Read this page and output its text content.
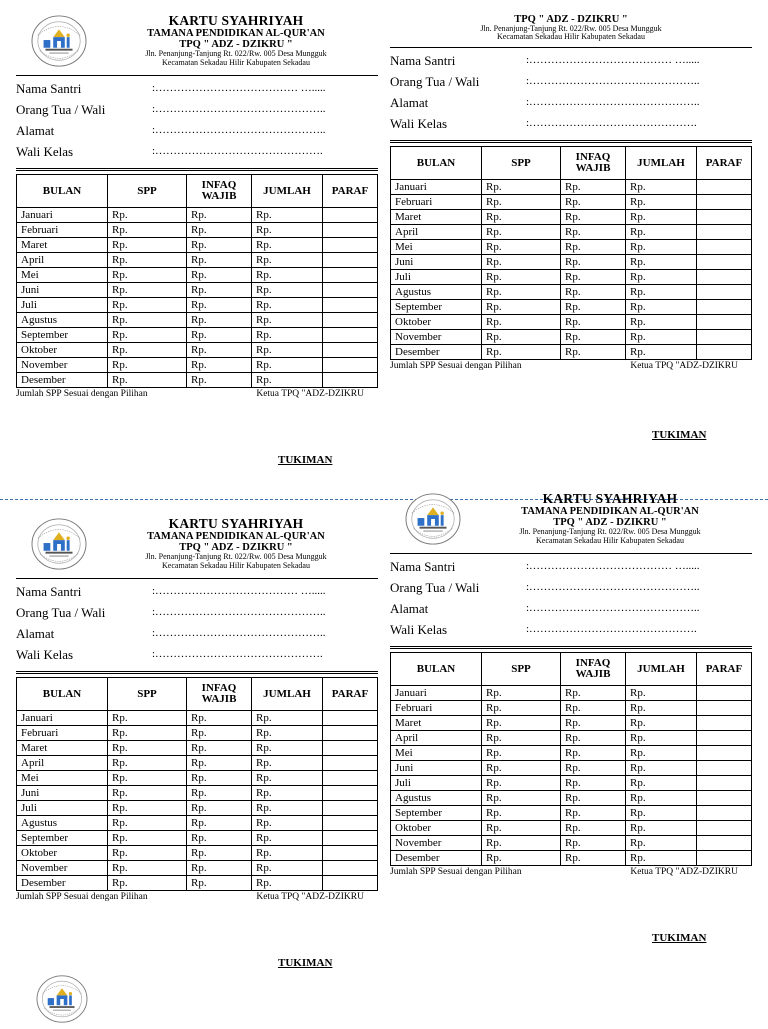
KARTU SYAHRIYAH
TAMANA PENDIDIKAN AL-QUR'AN
TPQ " ADZ - DZIKRU "
Jln. Penanjung-Tanjung Rt. 022/Rw. 005 Desa Mungguk
Kecamatan Sekadau Hilir Kabupaten Sekadau
Nama Santri	:………………………………… ….....
Orang Tua / Wali	:………………………………………..
Alamat	:………………………………………..
Wali Kelas	:……………………………………….
BULAN	SPP	INFAQ WAJIB	JUMLAH	PARAF
Januari	Rp.	Rp.	Rp.	
Februari	Rp.	Rp.	Rp.	
Maret	Rp.	Rp.	Rp.	
April	Rp.	Rp.	Rp.	
Mei	Rp.	Rp.	Rp.	
Juni	Rp.	Rp.	Rp.	
Juli	Rp.	Rp.	Rp.	
Agustus	Rp.	Rp.	Rp.	
September	Rp.	Rp.	Rp.	
Oktober	Rp.	Rp.	Rp.	
November	Rp.	Rp.	Rp.	
Desember	Rp.	Rp.	Rp.	
Jumlah SPP Sesuai dengan Pilihan	Ketua TPQ "ADZ-DZIKRU
TUKIMAN
TPQ " ADZ - DZIKRU "
Jln. Penanjung-Tanjung Rt. 022/Rw. 005 Desa Mungguk
Kecamatan Sekadau Hilir Kabupaten Sekadau
Nama Santri	:………………………………… ….....
Orang Tua / Wali	:………………………………………..
Alamat	:………………………………………..
Wali Kelas	:……………………………………….
BULAN	SPP	INFAQ WAJIB	JUMLAH	PARAF
Januari	Rp.	Rp.	Rp.	
Februari	Rp.	Rp.	Rp.	
Maret	Rp.	Rp.	Rp.	
April	Rp.	Rp.	Rp.	
Mei	Rp.	Rp.	Rp.	
Juni	Rp.	Rp.	Rp.	
Juli	Rp.	Rp.	Rp.	
Agustus	Rp.	Rp.	Rp.	
September	Rp.	Rp.	Rp.	
Oktober	Rp.	Rp.	Rp.	
November	Rp.	Rp.	Rp.	
Desember	Rp.	Rp.	Rp.	
Jumlah SPP Sesuai dengan Pilihan	Ketua TPQ "ADZ-DZIKRU
TUKIMAN
KARTU SYAHRIYAH
TAMANA PENDIDIKAN AL-QUR'AN
TPQ " ADZ - DZIKRU "
Jln. Penanjung-Tanjung Rt. 022/Rw. 005 Desa Mungguk
Kecamatan Sekadau Hilir Kabupaten Sekadau
Nama Santri	:………………………………… ….....
Orang Tua / Wali	:………………………………………..
Alamat	:………………………………………..
Wali Kelas	:……………………………………….
BULAN	SPP	INFAQ WAJIB	JUMLAH	PARAF
Januari	Rp.	Rp.	Rp.	
Februari	Rp.	Rp.	Rp.	
Maret	Rp.	Rp.	Rp.	
April	Rp.	Rp.	Rp.	
Mei	Rp.	Rp.	Rp.	
Juni	Rp.	Rp.	Rp.	
Juli	Rp.	Rp.	Rp.	
Agustus	Rp.	Rp.	Rp.	
September	Rp.	Rp.	Rp.	
Oktober	Rp.	Rp.	Rp.	
November	Rp.	Rp.	Rp.	
Desember	Rp.	Rp.	Rp.	
Jumlah SPP Sesuai dengan Pilihan	Ketua TPQ "ADZ-DZIKRU
TUKIMAN
KARTU SYAHRIYAH
TAMANA PENDIDIKAN AL-QUR'AN
TPQ " ADZ - DZIKRU "
Jln. Penanjung-Tanjung Rt. 022/Rw. 005 Desa Mungguk
Kecamatan Sekadau Hilir Kabupaten Sekadau
Nama Santri	:………………………………… ….....
Orang Tua / Wali	:………………………………………..
Alamat	:………………………………………..
Wali Kelas	:……………………………………….
BULAN	SPP	INFAQ WAJIB	JUMLAH	PARAF
Januari	Rp.	Rp.	Rp.	
Februari	Rp.	Rp.	Rp.	
Maret	Rp.	Rp.	Rp.	
April	Rp.	Rp.	Rp.	
Mei	Rp.	Rp.	Rp.	
Juni	Rp.	Rp.	Rp.	
Juli	Rp.	Rp.	Rp.	
Agustus	Rp.	Rp.	Rp.	
September	Rp.	Rp.	Rp.	
Oktober	Rp.	Rp.	Rp.	
November	Rp.	Rp.	Rp.	
Desember	Rp.	Rp.	Rp.	
Jumlah SPP Sesuai dengan Pilihan	Ketua TPQ "ADZ-DZIKRU
TUKIMAN
